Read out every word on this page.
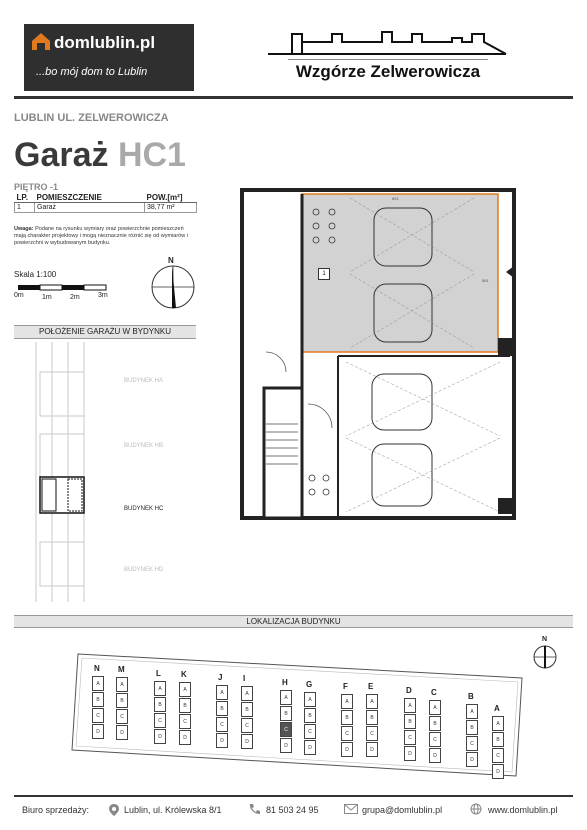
domlublin.pl
...bo mój dom to Lublin	Wzgórze Zelwerowicza
LUBLIN UL. ZELWEROWICZA
Garaż HC1
PIĘTRO -1
LP.	POMIESZCZENIE	POW.[m²]
1	Garaż	38,77 m²
Uwaga: Podane na rysunku wymiary oraz powierzchnie pomieszczeń mają charakter projektowy i mogą nieznacznie różnić się od wymiarów i powierzchni w wybudowanym budynku.
Skala 1:100
0m	1m	2m	3m
N
POŁOŻENIE GARAŻU W BYDYNKU
BUDYNEK HA
BUDYNEK HB
BUDYNEK HC
BUDYNEK HD
1
691
561
LOKALIZACJA BUDYNKU
N
A
B
C
D
M
A
B
C
D
L
A
B
C
D
K
A
B
C
D
J
A
B
C
D
I
A
B
C
D
H
A
B
C
D
G
A
B
C
D
F
A
B
C
D
E
A
B
C
D
D
A
B
C
D
C
A
B
C
D
B
A
B
C
D
A
A
B
C
D
N
Biuro sprzedaży:	Lublin, ul. Królewska 8/1	81 503 24 95	grupa@domlublin.pl	www.domlublin.pl
